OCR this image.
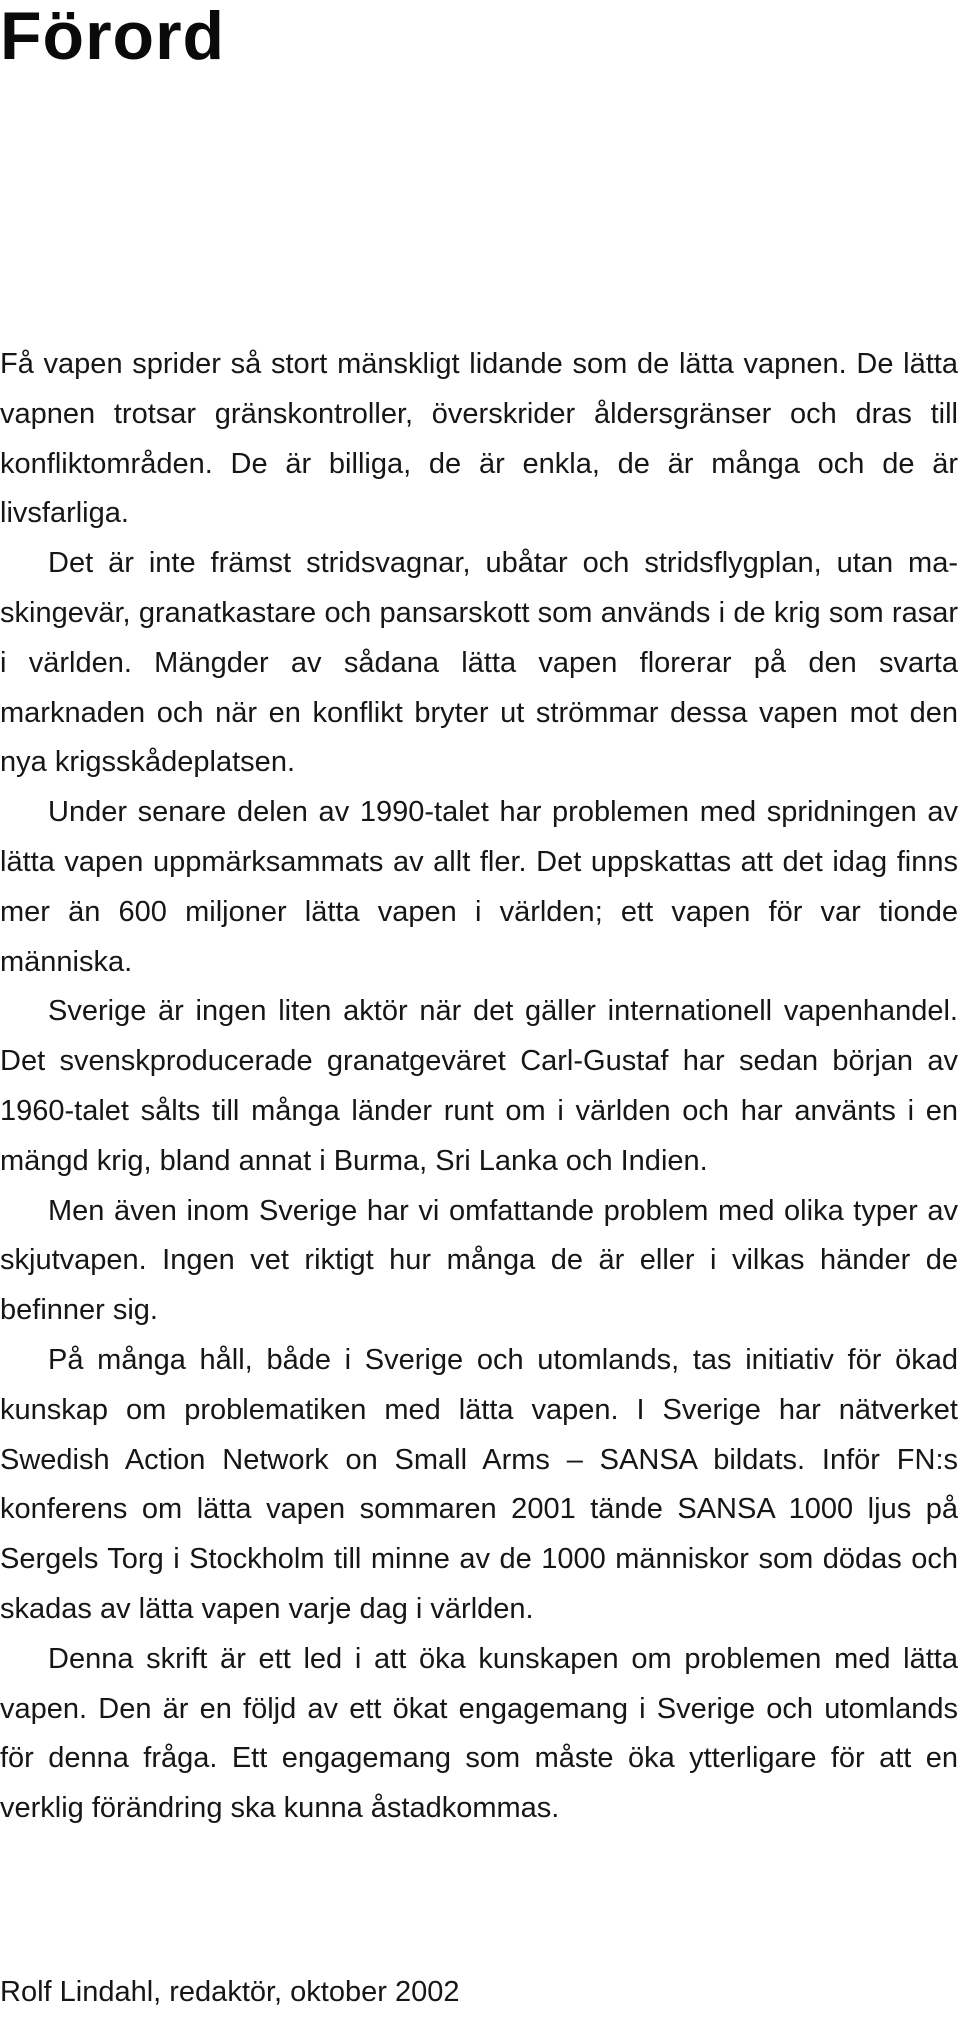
Förord

Få vapen sprider så stort mänskligt lidande som de lätta vapnen. De lätta vapnen trotsar gränskontroller, överskrider åldersgränser och dras till konfliktområden. De är billiga, de är enkla, de är många och de är livsfarliga.

Det är inte främst stridsvagnar, ubåtar och stridsflygplan, utan maskingevär, granatkastare och pansarskott som används i de krig som rasar i världen. Mängder av sådana lätta vapen florerar på den svarta marknaden och när en konflikt bryter ut strömmar dessa vapen mot den nya krigsskådeplatsen.

Under senare delen av 1990-talet har problemen med spridningen av lätta vapen uppmärksammats av allt fler. Det uppskattas att det idag finns mer än 600 miljoner lätta vapen i världen; ett vapen för var tionde människa.

Sverige är ingen liten aktör när det gäller internationell vapenhandel. Det svenskproducerade granatgeväret Carl-Gustaf har sedan början av 1960-talet sålts till många länder runt om i världen och har använts i en mängd krig, bland annat i Burma, Sri Lanka och Indien.

Men även inom Sverige har vi omfattande problem med olika typer av skjutvapen. Ingen vet riktigt hur många de är eller i vilkas händer de befinner sig.

På många håll, både i Sverige och utomlands, tas initiativ för ökad kunskap om problematiken med lätta vapen. I Sverige har nätverket Swedish Action Network on Small Arms – SANSA bildats. Inför FN:s konferens om lätta vapen sommaren 2001 tände SANSA 1000 ljus på Sergels Torg i Stockholm till minne av de 1000 människor som dödas och skadas av lätta vapen varje dag i världen.

Denna skrift är ett led i att öka kunskapen om problemen med lätta vapen. Den är en följd av ett ökat engagemang i Sverige och utomlands för denna fråga. Ett engagemang som måste öka ytterligare för att en verklig förändring ska kunna åstadkommas.

Rolf Lindahl, redaktör, oktober 2002
